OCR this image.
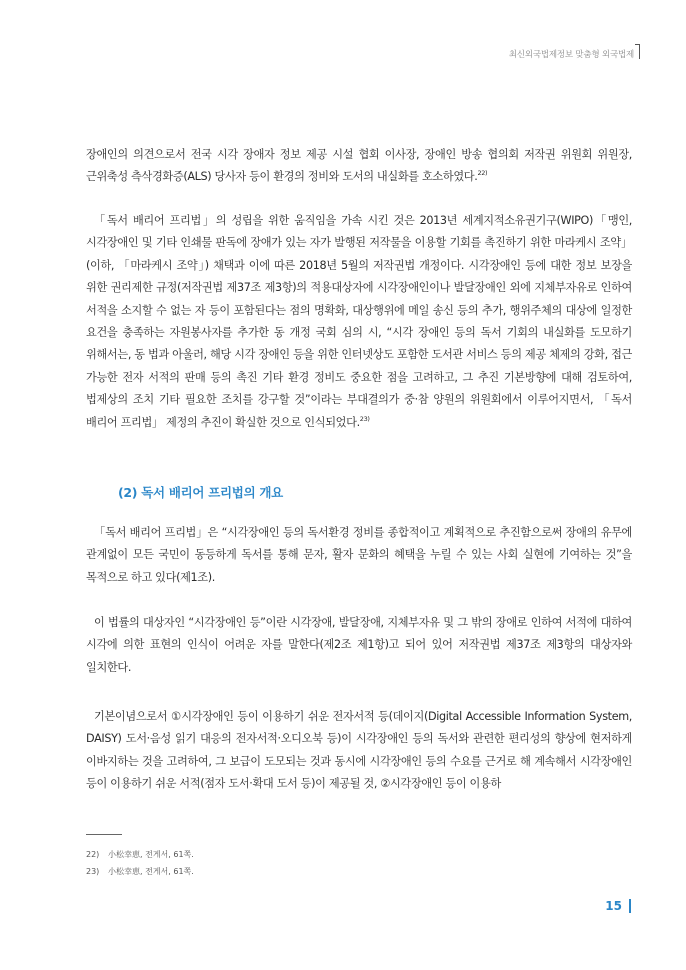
최신외국법제정보 맞춤형 외국법제

장애인의 의견으로서 전국 시각 장애자 정보 제공 시설 협회 이사장, 장애인 방송 협의회 저작권 위원회 위원장, 근위축성 측삭경화증(ALS) 당사자 등이 환경의 정비와 도서의 내실화를 호소하였다.$^{22)}$

「독서 배리어 프리법」의 성립을 위한 움직임을 가속 시킨 것은 2013년 세계지적소유권기구(WIPO)「맹인, 시각장애인 및 기타 인쇄물 판독에 장애가 있는 자가 발행된 저작물을 이용할 기회를 촉진하기 위한 마라케시 조약」(이하, 「마라케시 조약」) 채택과 이에 따른 2018년 5월의 저작권법 개정이다. 시각장애인 등에 대한 정보 보장을 위한 권리제한 규정(저작권법 제37조 제3항)의 적용대상자에 시각장애인이나 발달장애인 외에 지체부자유로 인하여 서적을 소지할 수 없는 자 등이 포함된다는 점의 명확화, 대상행위에 메일 송신 등의 추가, 행위주체의 대상에 일정한 요건을 충족하는 자원봉사자를 추가한 동 개정 국회 심의 시, “시각 장애인 등의 독서 기회의 내실화를 도모하기 위해서는, 동 법과 아울러, 해당 시각 장애인 등을 위한 인터넷상도 포함한 도서관 서비스 등의 제공 체제의 강화, 접근 가능한 전자 서적의 판매 등의 촉진 기타 환경 정비도 중요한 점을 고려하고, 그 추진 기본방향에 대해 검토하여, 법제상의 조치 기타 필요한 조치를 강구할 것”이라는 부대결의가 중·참 양원의 위원회에서 이루어지면서, 「독서 배리어 프리법」 제정의 추진이 확실한 것으로 인식되었다.$^{23)}$

(2) 독서 배리어 프리법의 개요

「독서 배리어 프리법」은 “시각장애인 등의 독서환경 정비를 종합적이고 계획적으로 추진함으로써 장애의 유무에 관계없이 모든 국민이 동등하게 독서를 통해 문자, 활자 문화의 혜택을 누릴 수 있는 사회 실현에 기여하는 것”을 목적으로 하고 있다(제1조).

이 법률의 대상자인 “시각장애인 등”이란 시각장애, 발달장애, 지체부자유 및 그 밖의 장애로 인하여 서적에 대하여 시각에 의한 표현의 인식이 어려운 자를 말한다(제2조 제1항)고 되어 있어 저작권법 제37조 제3항의 대상자와 일치한다.

기본이념으로서 ①시각장애인 등이 이용하기 쉬운 전자서적 등(데이지(Digital Accessible Information System, DAISY) 도서·음성 읽기 대응의 전자서적·오디오북 등)이 시각장애인 등의 독서와 관련한 편리성의 향상에 현저하게 이바지하는 것을 고려하여, 그 보급이 도모되는 것과 동시에 시각장애인 등의 수요를 근거로 해 계속해서 시각장애인 등이 이용하기 쉬운 서적(점자 도서·확대 도서 등)이 제공될 것, ②시각장애인 등이 이용하

22) 小松幸恵, 전게서, 61쪽.
23) 小松幸恵, 전게서, 61쪽.
15
